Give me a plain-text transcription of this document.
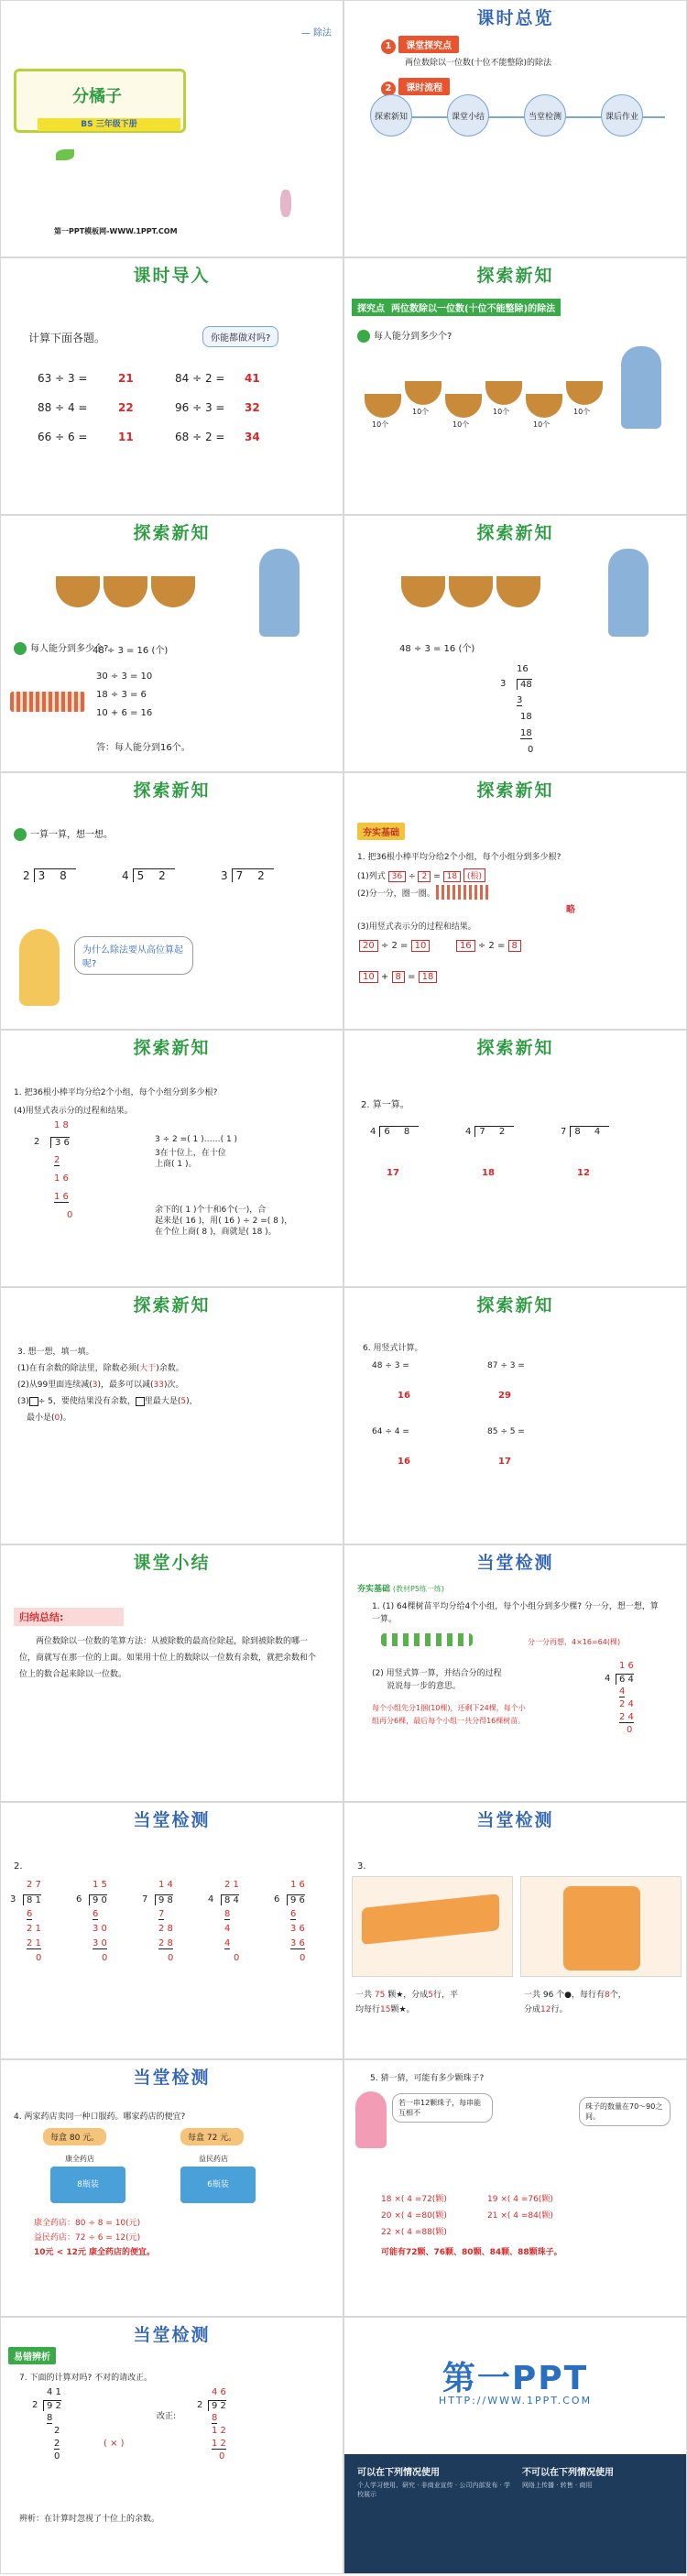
— 除法
分橘子
BS 三年级下册
第一PPT模板网-WWW.1PPT.COM
课时总览
1 课堂探究点
两位数除以一位数(十位不能整除)的除法
2 课时流程
探索新知	课堂小结	当堂检测	课后作业
课时导入
计算下面各题。	你能都做对吗?
63 ÷ 3 =	21	84 ÷ 2 = 41
88 ÷ 4 =	22	96 ÷ 3 = 32
66 ÷ 6 =	11	68 ÷ 2 = 34
探索新知
探究点 两位数除以一位数(十位不能整除)的除法
每人能分到多少个?
10个
10个
10个
10个
10个
10个
探索新知
每人能分到多少个?
48 ÷ 3 = 16 (个)
30 ÷ 3 = 10
18 ÷ 3 = 6
10 + 6 = 16
答：每人能分到16个。
探索新知
48 ÷ 3 = 16 (个)
16
3	48
3
18
18
0
探索新知
一算一算，想一想。
2 3 8	4 5 2	3 7 2
为什么除法要从高位算起呢?
探索新知
夯实基础
1. 把36根小棒平均分给2个小组，每个小组分到多少根?
(1)列式 36 ÷ 2 = 18 (根)
(2)分一分，圈一圈。
略
(3)用竖式表示分的过程和结果。
20 ÷ 2 = 10	16 ÷ 2 = 8
10 + 8 = 18
探索新知
1. 把36根小棒平均分给2个小组，每个小组分到多少根?
(4)用竖式表示分的过程和结果。
1 8
2	3 6
2
1 6
1 6
0
3 ÷ 2 =( 1 )……( 1 )
3在十位上，在十位
上商( 1 )。
余下的( 1 )个十和6个(一)，合
起来是( 16 )，用( 16 ) ÷ 2 =( 8 )，
在个位上商( 8 )，商就是( 18 )。
探索新知
2. 算一算。
4 6 8	4 7 2	7 8 4
17	18	12
探索新知
3. 想一想，填一填。
(1)在有余数的除法里，除数必须(大于)余数。
(2)从99里面连续减(3)，最多可以减(33)次。
(3) ÷ 5，要使结果没有余数， 里最大是(5)，
最小是(0)。
探索新知
6. 用竖式计算。
48 ÷ 3 =
16
87 ÷ 3 =
29
64 ÷ 4 =
16
85 ÷ 5 =
17
课堂小结
归纳总结:
两位数除以一位数的笔算方法：从被除数的最高位除起，除到被除数的哪一位，商就写在那一位的上面。如果用十位上的数除以一位数有余数，就把余数和个位上的数合起来除以一位数。
当堂检测
夯实基础 (教材P5练一练)
1. (1) 64棵树苗平均分给4个小组，每个小组分到多少棵? 分一分，想一想，算一算。
分一分再想，4×16=64(棵)
(2) 用竖式算一算，并结合分的过程
说说每一步的意思。
1 6
4 6 4
4
2 4
2 4
0
每个小组先分1捆(10棵)，还剩下24棵，每个小
组再分6棵，最后每个小组一共分得16棵树苗。
当堂检测
2.
2 7
3	8 1
6
2 1
2 1
0
1 5
6	9 0
6
3 0
3 0
0
1 4
7	9 8
7
2 8
2 8
0
2 1
4	8 4
8
4
4
0
1 6
6	9 6
6
3 6
3 6
0
当堂检测
3.
一共 75 颗★，分成5行，平
均每行15颗★。
一共 96 个●，每行有8个，
分成12行。
当堂检测
4. 两家药店卖同一种口服药。哪家药店的便宜?
每盒 80 元。	每盒 72 元。
康全药店	益民药店
8瓶装	6瓶装
康全药店：80 ÷ 8 = 10(元)
益民药店：72 ÷ 6 = 12(元)
10元 < 12元 康全药店的便宜。
5. 猜一猜，可能有多少颗珠子?
若一串12颗珠子，每串能互相不
珠子的数量在70～90之间。
18 ×( 4 =72(颗)	19 ×( 4 =76(颗)
20 ×( 4 =80(颗)	21 ×( 4 =84(颗)
22 ×( 4 =88(颗)
可能有72颗、76颗、80颗、84颗、88颗珠子。
当堂检测
易错辨析
7. 下面的计算对吗? 不对的请改正。
4 1
2 9 2
8
2
2
0
( × )
改正:
4 6
2 9 2
8
1 2
1 2
0
辨析：在计算时忽视了十位上的余数。
第一PPT
HTTP://WWW.1PPT.COM
可以在下列情况使用	不可以在下列情况使用
个人学习使用、研究 · 非商业宣传 · 公司内部发布 · 学校展示
网络上传播 · 转售 · 商用
